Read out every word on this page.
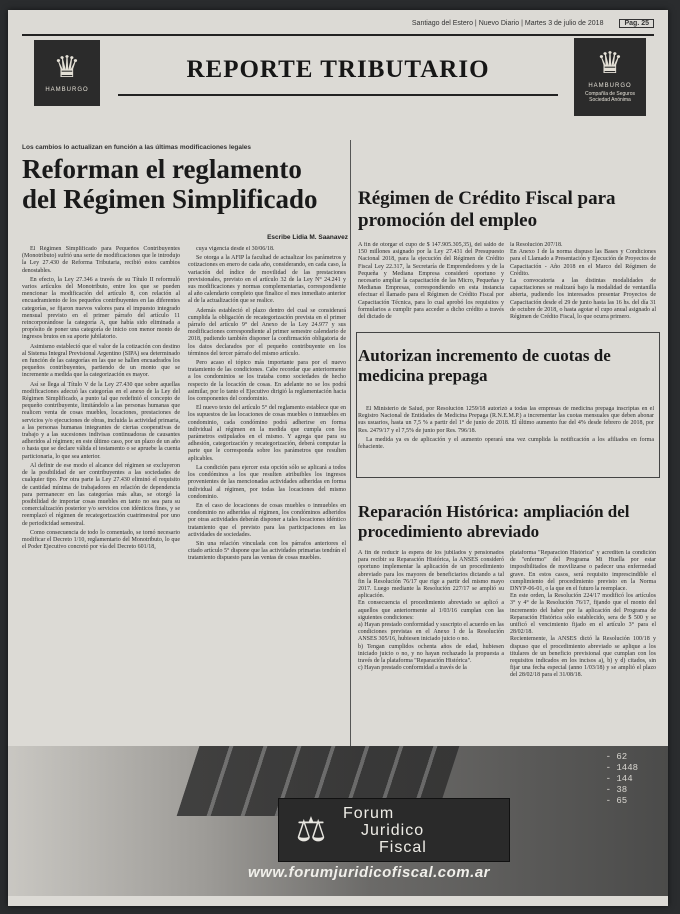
Santiago del Estero | Nuevo Diario | Martes 3 de julio de 2018	Pag. 25
♛
HAMBURGO
REPORTE TRIBUTARIO	♛
HAMBURGO
Compañía de Seguros Sociedad Anónima
Los cambios lo actualizan en función a las últimas modificaciones legales
Reforman el reglamento del Régimen Simplificado
Escribe Lidia M. Saanavez

El Régimen Simplificado para Pequeños Contribuyentes (Monotributo) sufrió una serie de modificaciones que le introdujo la Ley 27.430 de Reforma Tributaria, recibió estos cambios denostables.

En efecto, la Ley 27.346 a través de su Título II reformuló varios artículos del Monotributo, entre los que se pueden mencionar la modificación del artículo 8, con relación al encuadramiento de los pequeños contribuyentes en las diferentes categorías, se fijaron nuevos valores para el impuesto integrado mensual previsto en el primer párrafo del artículo 11 reincorporándose la categoría A, que había sido eliminada a propósito de poner una categoría de inicio con menor monto de ingresos brutos en su aporte jubilatorio.

Asimismo estableció que el valor de la cotización con destino al Sistema Integral Previsional Argentino (SIPA) sea determinado en función de las categorías en las que se hallen encuadrados los pequeños contribuyentes, partiendo de un monto que se incremente a medida que la categorización es mayor.

Así se llega al Título V de la Ley 27.430 que sobre aquellas modificaciones adecuó las categorías en el anexo de la Ley del Régimen Simplificado, a punto tal que redefinió el concepto de pequeño contribuyente, limitándolo a las personas humanas que realicen venta de cosas muebles, locaciones, prestaciones de servicios y/o ejecuciones de obras, incluida la actividad primaria, a las personas humanas integrantes de ciertas cooperativas de trabajo y a las sucesiones indivisas continuadoras de causantes adheridos al régimen; en este último caso, por un plazo de un año o hasta que se declare válida el testamento o se apruebe la cuenta particionaria, lo que sea anterior.

Al definir de ese modo el alcance del régimen se excluyeron de la posibilidad de ser contribuyentes a las sociedades de cualquier tipo. Por otra parte la Ley 27.430 eliminó el requisito de cantidad mínima de trabajadores en relación de dependencia para permanecer en las categorías más altas, se otorgó la posibilidad de importar cosas muebles en tanto no sea para su comercialización posterior y/o servicios con idénticos fines, y se reemplazó el régimen de recategorización cuatrimestral por uno de periodicidad semestral.

Como consecuencia de todo lo comentado, se tornó necesario modificar el Decreto 1/10, reglamentario del Monotributo, lo que el Poder Ejecutivo concretó por vía del Decreto 601/18,

cuya vigencia desde el 30/06/18.

Se otorga a la AFIP la facultad de actualizar los parámetros y cotizaciones en enero de cada año, considerando, en cada caso, la variación del índice de movilidad de las prestaciones previsionales, previsto en el artículo 32 de la Ley N° 24.241 y sus modificaciones y normas complementarias, correspondiente al año calendario completo que finalice el mes inmediato anterior al de la actualización que se realice.

Además estableció el plazo dentro del cual se considerará cumplida la obligación de recategorización prevista en el primer párrafo del artículo 9° del Anexo de la Ley 24.977 y sus modificaciones correspondiente al primer semestre calendario de 2018, pudiendo también disponer la confirmación obligatoria de los datos declarados por el pequeño contribuyente en los términos del tercer párrafo del mismo artículo.

Pero acaso el tópico más importante para por el nuevo tratamiento de las condiciones. Cabe recordar que anteriormente a los condominios se los trataba como sociedades de hecho respecto de la locación de cosas. En adelante no se los podrá asimilar, por lo tanto el Ejecutivo dirigió la reglamentación hacia los componentes del condominio.

El nuevo texto del artículo 5° del reglamento establece que en los supuestos de las locaciones de cosas muebles o inmuebles en condominio, cada condómino podrá adherirse en forma individual al régimen en la medida que cumpla con los parámetros estipulados en el mismo. Y agrega que para su adhesión, categorización y recategorización, deberá computar la parte que le corresponda sobre los parámetros que resulten aplicables.

La condición para ejercer esta opción sólo se aplicará a todos los condóminos a los que resulten atribuibles los ingresos provenientes de las mencionadas actividades adheridas en forma individual al régimen, por todas las locaciones del mismo condominio.

En el caso de locaciones de cosas muebles o inmuebles en condominio no adheridas al régimen, los condóminos adheridos por otras actividades deberán disponer a tales locaciones idéntico tratamiento que el previsto para las participaciones en las actividades de sociedades.

Sin una relación vinculada con los párrafos anteriores el citado artículo 5° dispone que las actividades primarias tendrán el tratamiento dispuesto para las ventas de cosas muebles.

Régimen de Crédito Fiscal para promoción del empleo
A fin de otorgar el cupo de $ 147.905.305,35), del saldo de 150 millones asignado por la Ley 27.431 del Presupuesto Nacional 2018, para la ejecución del Régimen de Crédito Fiscal Ley 22.317, la Secretaría de Emprendedores y de la Pequeña y Mediana Empresa consideró oportuno y necesario ampliar la capacitación de las Micro, Pequeñas y Medianas Empresas, correspondiendo en esta instancia efectuar el llamado para el Régimen de Crédito Fiscal por Capacitación Técnica, para lo cual aprobó los requisitos y formularios a cumplir para acceder a dicho crédito a través del dictado de
la Resolución 207/18.
En Anexo I de la norma dispuso las Bases y Condiciones para el Llamado a Presentación y Ejecución de Proyectos de Capacitación - Año 2018 en el Marco del Régimen de Crédito.
La convocatoria a las distintas modalidades de capacitaciones se realizará bajo la modalidad de ventanilla abierta, pudiendo los interesados presentar Proyectos de Capacitación desde el 29 de junio hasta las 16 hs. del día 31 de octubre de 2018, o hasta agotar el cupo anual asignado al Régimen de Crédito Fiscal, lo que ocurra primero.
Autorizan incremento de cuotas de medicina prepaga

El Ministerio de Salud, por Resolución 1259/18 autorizó a todas las empresas de medicina prepaga inscriptas en el Registro Nacional de Entidades de Medicina Prepaga (R.N.E.M.P.) a incrementar las cuotas mensuales que deben abonar sus usuarios, hasta un 7,5 % a partir del 1° de junio de 2018. El último aumento fue del 4% desde febrero de 2018, por Res. 2479/17 y el 7,5% de junio por Res. 796/18.

La medida ya es de aplicación y el aumento operará una vez cumplida la notificación a los afiliados en forma fehaciente.

Reparación Histórica: ampliación del procedimiento abreviado
A fin de reducir la espera de los jubilados y pensionados para recibir su Reparación Histórica, la ANSES consideró oportuno implementar la aplicación de un procedimiento abreviado para los mayores de beneficiarios dictando a tal fin la Resolución 76/17 que rige a partir del mismo mayo 2017. Luego mediante la Resolución 227/17 se amplió su aplicación.
En consecuencia el procedimiento abreviado se aplicó a aquellos que anteriormente al 1/03/16 cumplan con las siguientes condiciones:
a) Hayan prestado conformidad y suscripto el acuerdo en las condiciones previstas en el Anexo I de la Resolución ANSES 305/16, hubiesen iniciado juicio o no.
b) Tengan cumplidos ochenta años de edad, hubiesen iniciado juicio o no, y no hayan rechazado la propuesta a través de la plataforma "Reparación Histórica".
c) Hayan prestado conformidad a través de la
plataforma "Reparación Histórica" y acrediten la condición de "enfermo" del Programa Mi Huella por estar imposibilitados de movilizarse o padecer una enfermedad grave. En estos casos, será requisito imprescindible el cumplimiento del procedimiento previsto en la Norma DNYP-06-01, o la que en el futuro la reemplace.
En este orden, la Resolución 224/17 modificó los artículos 3° y 4° de la Resolución 76/17, fijando que el monto del incremento del haber por la aplicación del Programa de Reparación Histórica sólo establecido, sera de $ 500 y se unificó el vencimiento fijado en el artículo 3° para el 28/02/18.
Recientemente, la ANSES dictó la Resolución 100/18 y dispuso que el procedimiento abreviado se aplique a los titulares de un beneficio previsional que cumplan con los requisitos indicados en los incisos a), b) y d) citados, sin fijar una fecha especial (anno 1/03/18) y se amplió el plazo del 28/02/18 para el 31/08/18.
- 62
- 1448
- 144
- 38
- 65
⚖	Forum
Juridico
Fiscal
www.forumjuridicofiscal.com.ar
